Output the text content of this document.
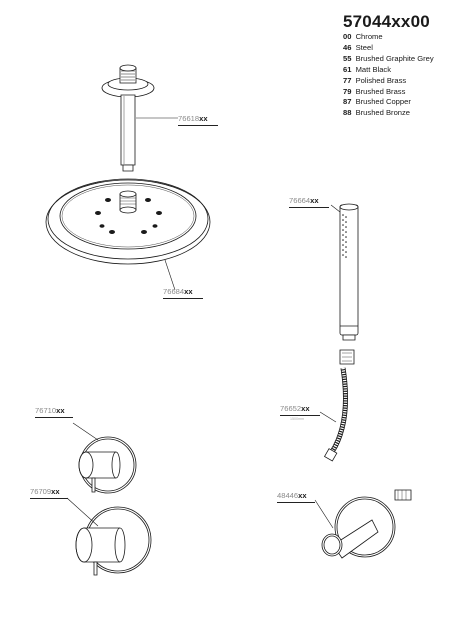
57044xx00
00 Chrome
46 Steel
55 Brushed Graphite Grey
61 Matt Black
77 Polished Brass
79 Brushed Brass
87 Brushed Copper
88 Brushed Bronze
76618xx
76684xx
76664xx
76652xx
1500mm
76710xx
76709xx	48446xx
